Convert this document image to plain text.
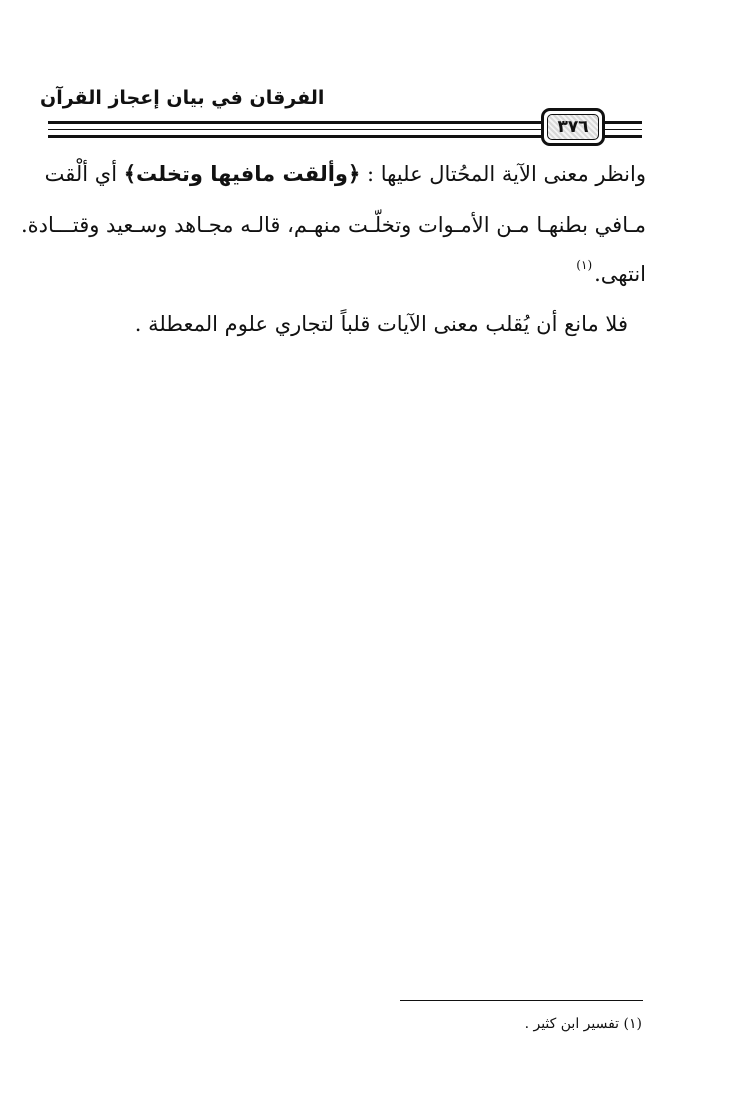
الفرقان في بيان إعجاز القرآن
٣٧٦
وانظر معنى الآية المحُتال عليها : ﴿وألقت مافيها وتخلت﴾ أي ألْقت
مـافي بطنهـا مـن الأمـوات وتخلّـت منهـم، قالـه مجـاهد وسـعيد وقتـــادة.
انتهى.$^{(١)}$
فلا مانع أن يُقلب معنى الآيات قلباً لتجاري علوم المعطلة .
(١) تفسير ابن كثير .
